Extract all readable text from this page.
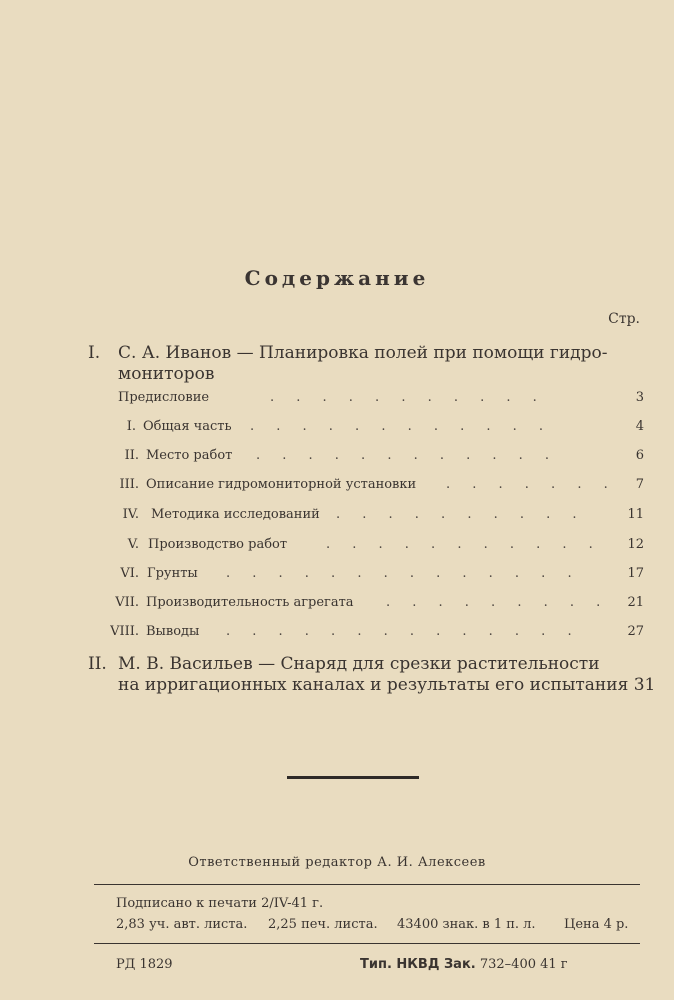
Содержание
Стр.
I. С. А. Иванов — Планировка полей при помощи гидро-
мониторов
Предисловие	. . . . . . . . . . .	3
I. Общая часть . . . . . . . . . . . .	4
II. Место работ . . . . . . . . . . . .	6
III. Описание гидромониторной установки . . . . . . .	7
IV. Методика исследований . . . . . . . . . .	11
V. Производство работ	. . . . . . . . . . .	12
VI. Грунты . . . . . . . . . . . . . .	17
VII. Производительность агрегата . . . . . . . . .	21
VIII. Выводы . . . . . . . . . . . . . .	27
II. М. В. Васильев — Снаряд для срезки растительности
на ирригационных каналах и результаты его испытания 31
Ответственный редактор А. И. Алексеев
Подписано к печати 2/IV-41 г.
2,83 уч. авт. листа. 2,25 печ. листа. 43400 знак. в 1 п. л. Цена 4 р.
РД 1829	Тип. НКВД Зак. 732–400 41 г
